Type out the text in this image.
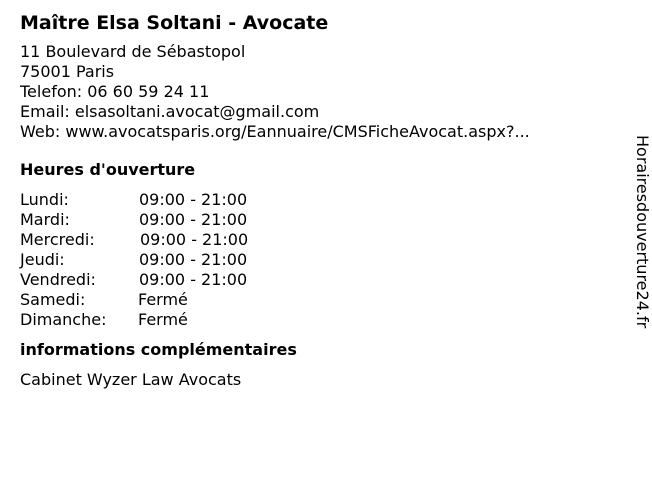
Maître Elsa Soltani - Avocate
11 Boulevard de Sébastopol
75001 Paris
Telefon: 06 60 59 24 11
Email: elsasoltani.avocat@gmail.com
Web: www.avocatsparis.org/Eannuaire/CMSFicheAvocat.aspx?...
Heures d'ouverture
Lundi:	09:00 - 21:00
Mardi:	09:00 - 21:00
Mercredi:	09:00 - 21:00
Jeudi:	09:00 - 21:00
Vendredi:	09:00 - 21:00
Samedi:	Fermé
Dimanche: Fermé
informations complémentaires
Cabinet Wyzer Law Avocats
Horairesdouverture24.fr
